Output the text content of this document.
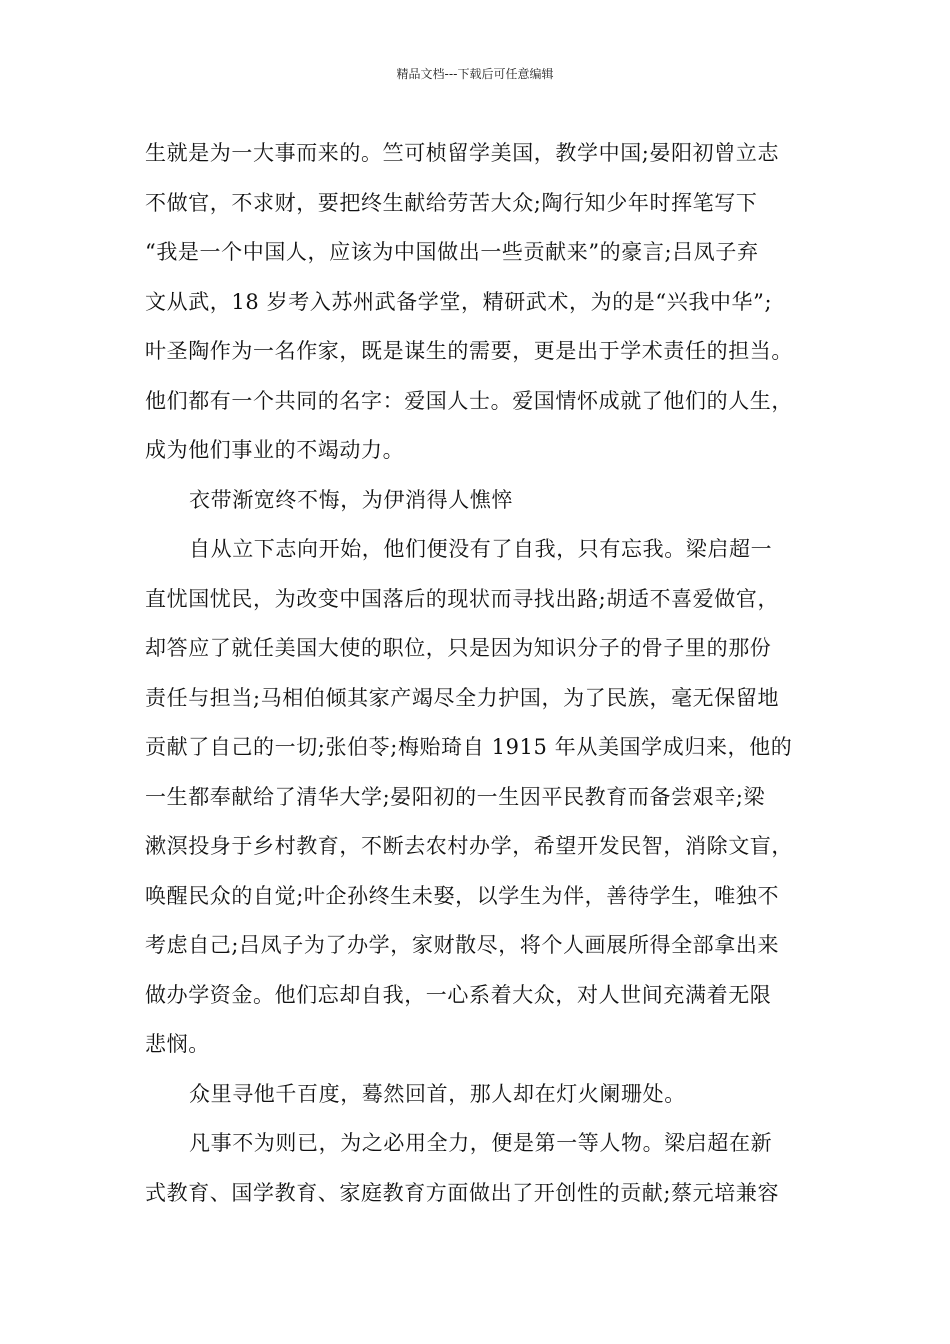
精品文档---下载后可任意编辑
生就是为一大事而来的。竺可桢留学美国，教学中国;晏阳初曾立志
不做官，不求财，要把终生献给劳苦大众;陶行知少年时挥笔写下
“我是一个中国人，应该为中国做出一些贡献来”的豪言;吕凤子弃
文从武，18 岁考入苏州武备学堂，精研武术，为的是“兴我中华”;
叶圣陶作为一名作家，既是谋生的需要，更是出于学术责任的担当。
他们都有一个共同的名字：爱国人士。爱国情怀成就了他们的人生，
成为他们事业的不竭动力。
衣带渐宽终不悔，为伊消得人憔悴
自从立下志向开始，他们便没有了自我，只有忘我。梁启超一
直忧国忧民，为改变中国落后的现状而寻找出路;胡适不喜爱做官，
却答应了就任美国大使的职位，只是因为知识分子的骨子里的那份
责任与担当;马相伯倾其家产竭尽全力护国，为了民族，毫无保留地
贡献了自己的一切;张伯苓;梅贻琦自 1915 年从美国学成归来，他的
一生都奉献给了清华大学;晏阳初的一生因平民教育而备尝艰辛;梁
漱溟投身于乡村教育，不断去农村办学，希望开发民智，消除文盲，
唤醒民众的自觉;叶企孙终生未娶，以学生为伴，善待学生，唯独不
考虑自己;吕凤子为了办学，家财散尽，将个人画展所得全部拿出来
做办学资金。他们忘却自我，一心系着大众，对人世间充满着无限
悲悯。
众里寻他千百度，蓦然回首，那人却在灯火阑珊处。
凡事不为则已，为之必用全力，便是第一等人物。梁启超在新
式教育、国学教育、家庭教育方面做出了开创性的贡献;蔡元培兼容
